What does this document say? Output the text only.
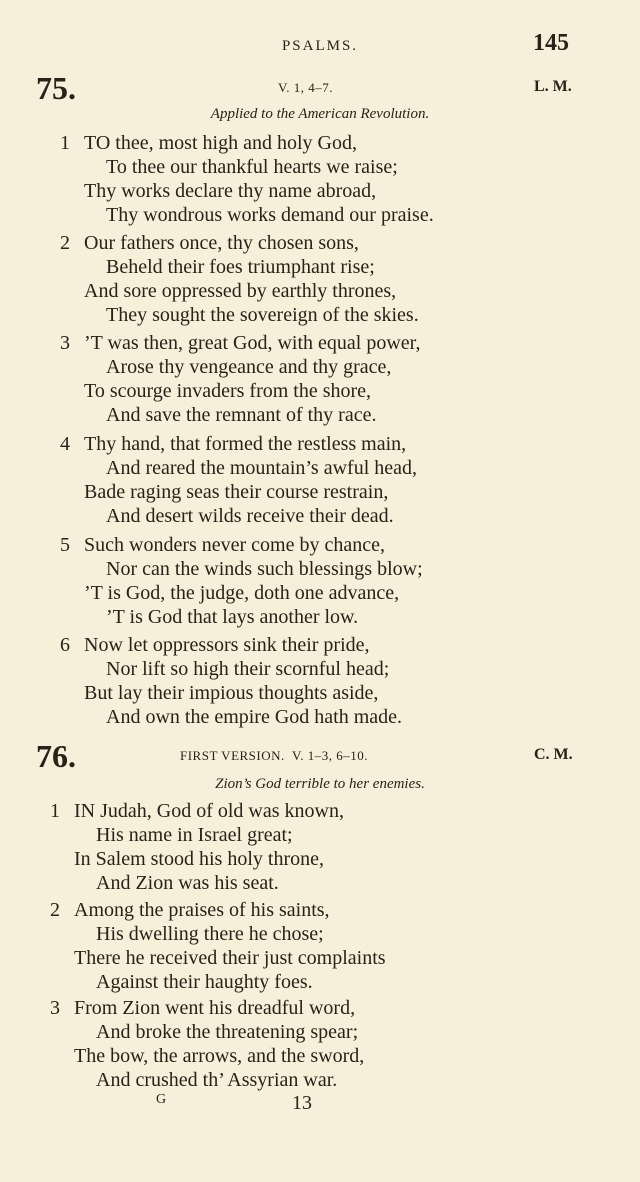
PSALMS.	145
75.	V. 1, 4–7.	L. M.
Applied to the American Revolution.
1 TO thee, most high and holy God,
To thee our thankful hearts we raise;
Thy works declare thy name abroad,
Thy wondrous works demand our praise.
2 Our fathers once, thy chosen sons,
Beheld their foes triumphant rise;
And sore oppressed by earthly thrones,
They sought the sovereign of the skies.
3 ’T was then, great God, with equal power,
Arose thy vengeance and thy grace,
To scourge invaders from the shore,
And save the remnant of thy race.
4 Thy hand, that formed the restless main,
And reared the mountain’s awful head,
Bade raging seas their course restrain,
And desert wilds receive their dead.
5 Such wonders never come by chance,
Nor can the winds such blessings blow;
’T is God, the judge, doth one advance,
’T is God that lays another low.
6 Now let oppressors sink their pride,
Nor lift so high their scornful head;
But lay their impious thoughts aside,
And own the empire God hath made.
76.	FIRST VERSION.  V. 1–3, 6–10.	C. M.
Zion’s God terrible to her enemies.
1 IN Judah, God of old was known,
His name in Israel great;
In Salem stood his holy throne,
And Zion was his seat.
2 Among the praises of his saints,
His dwelling there he chose;
There he received their just complaints
Against their haughty foes.
3 From Zion went his dreadful word,
And broke the threatening spear;
The bow, the arrows, and the sword,
And crushed th’ Assyrian war.
G	13
